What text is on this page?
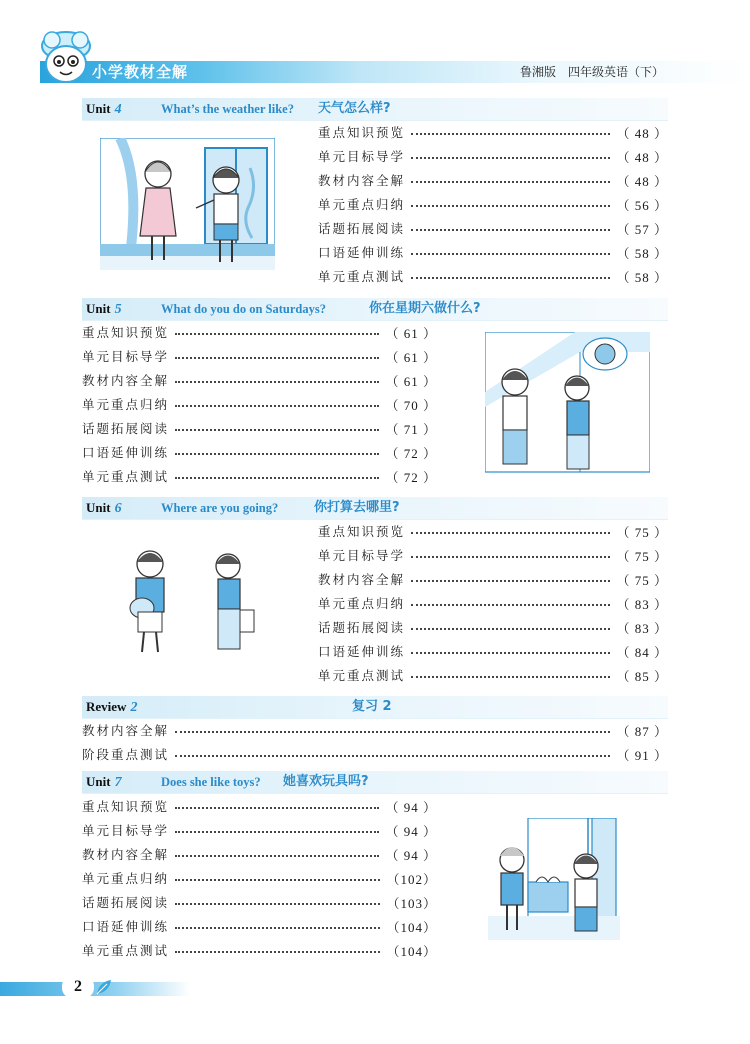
小学教材全解	鲁湘版 四年级英语（下）
Unit 4	What’s the weather like? 天气怎么样?
重点知识预览	（ 48 ）
单元目标导学	（ 48 ）
教材内容全解	（ 48 ）
单元重点归纳	（ 56 ）
话题拓展阅读	（ 57 ）
口语延伸训练	（ 58 ）
单元重点测试	（ 58 ）
Unit 5	What do you do on Saturdays?	你在星期六做什么?
重点知识预览	（ 61 ）
单元目标导学	（ 61 ）
教材内容全解	（ 61 ）
单元重点归纳	（ 70 ）
话题拓展阅读	（ 71 ）
口语延伸训练	（ 72 ）
单元重点测试	（ 72 ）
Unit 6	Where are you going?	你打算去哪里?
重点知识预览	（ 75 ）
单元目标导学	（ 75 ）
教材内容全解	（ 75 ）
单元重点归纳	（ 83 ）
话题拓展阅读	（ 83 ）
口语延伸训练	（ 84 ）
单元重点测试	（ 85 ）
Review 2	复习 2
教材内容全解	（ 87 ）
阶段重点测试	（ 91 ）
Unit 7	Does she like toys? 她喜欢玩具吗?
重点知识预览	（ 94 ）
单元目标导学	（ 94 ）
教材内容全解	（ 94 ）
单元重点归纳	（102）
话题拓展阅读	（103）
口语延伸训练	（104）
单元重点测试	（104）
2
